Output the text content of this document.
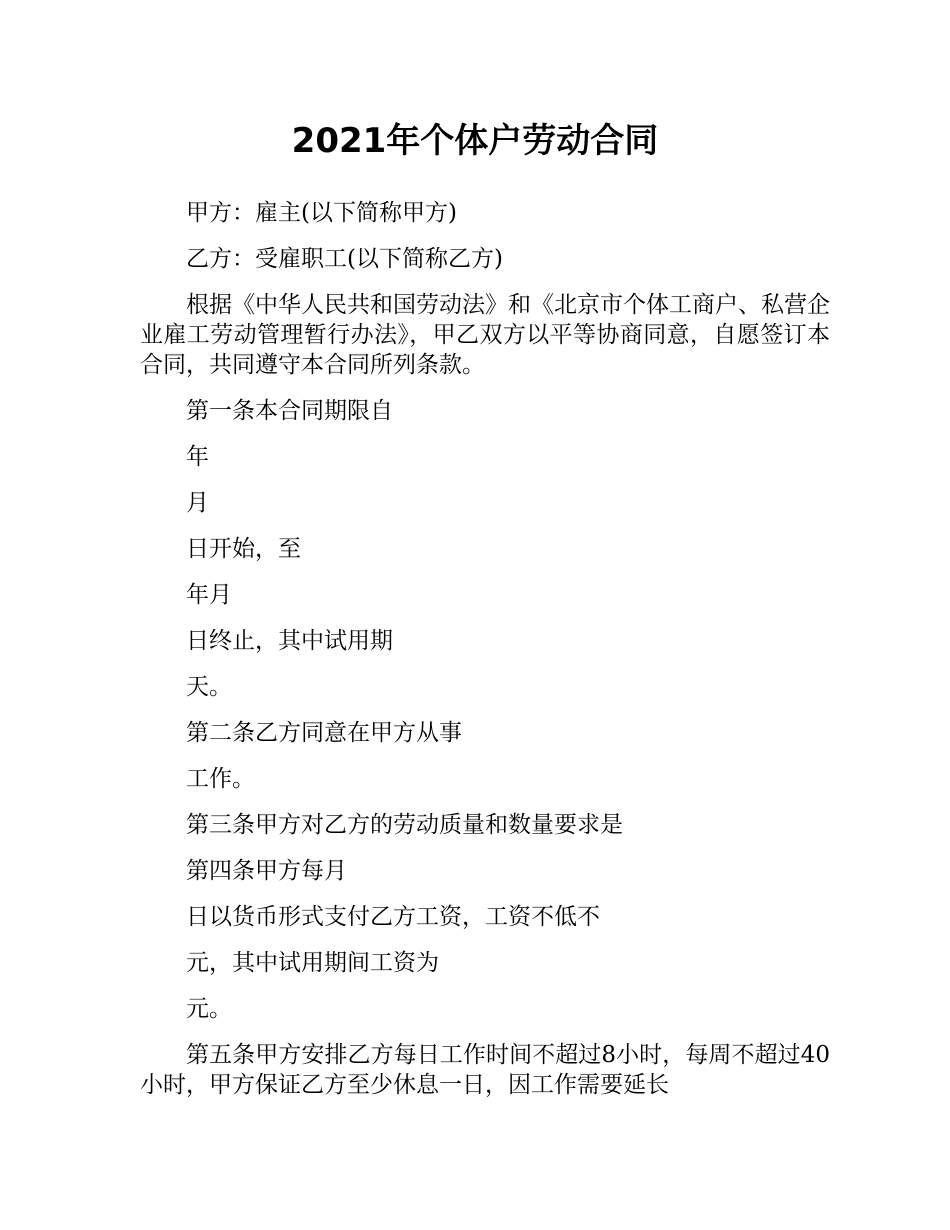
2021年个体户劳动合同

甲方：雇主(以下简称甲方)

乙方：受雇职工(以下简称乙方)

根据《中华人民共和国劳动法》和《北京市个体工商户、私营企业雇工劳动管理暂行办法》，甲乙双方以平等协商同意，自愿签订本合同，共同遵守本合同所列条款。

第一条本合同期限自

年

月

日开始，至

年月

日终止，其中试用期

天。

第二条乙方同意在甲方从事

工作。

第三条甲方对乙方的劳动质量和数量要求是

第四条甲方每月

日以货币形式支付乙方工资，工资不低不

元，其中试用期间工资为

元。

第五条甲方安排乙方每日工作时间不超过8小时，每周不超过40小时，甲方保证乙方至少休息一日，因工作需要延长
